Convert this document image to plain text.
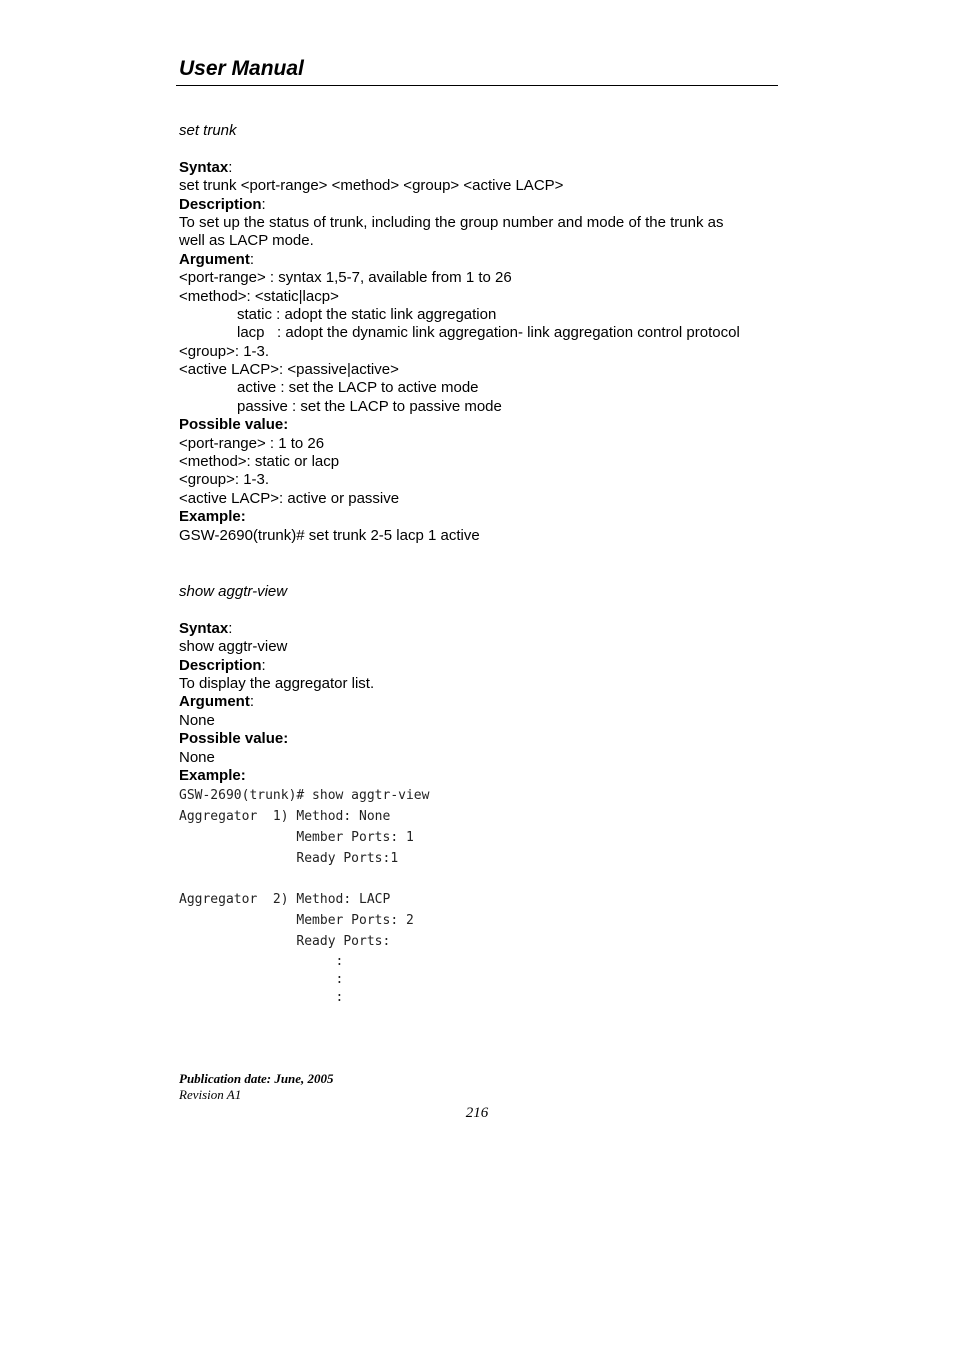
User Manual
set trunk
Syntax:
set trunk <port-range> <method> <group> <active LACP>
Description:
To set up the status of trunk, including the group number and mode of the trunk as
well as LACP mode.
Argument:
<port-range> : syntax 1,5-7, available from 1 to 26
<method>: <static|lacp>
static : adopt the static link aggregation
lacp   : adopt the dynamic link aggregation- link aggregation control protocol
<group>: 1-3.
<active LACP>: <passive|active>
active : set the LACP to active mode
passive : set the LACP to passive mode
Possible value:
<port-range> : 1 to 26
<method>: static or lacp
<group>: 1-3.
<active LACP>: active or passive
Example:
GSW-2690(trunk)# set trunk 2-5 lacp 1 active
show aggtr-view
Syntax:
show aggtr-view
Description:
To display the aggregator list.
Argument:
None
Possible value:
None
Example:
GSW-2690(trunk)# show aggtr-view
Aggregator  1) Method: None
Member Ports: 1
Ready Ports:1
Aggregator  2) Method: LACP
Member Ports: 2
Ready Ports:
:
:
:
Publication date: June, 2005
Revision A1
216
